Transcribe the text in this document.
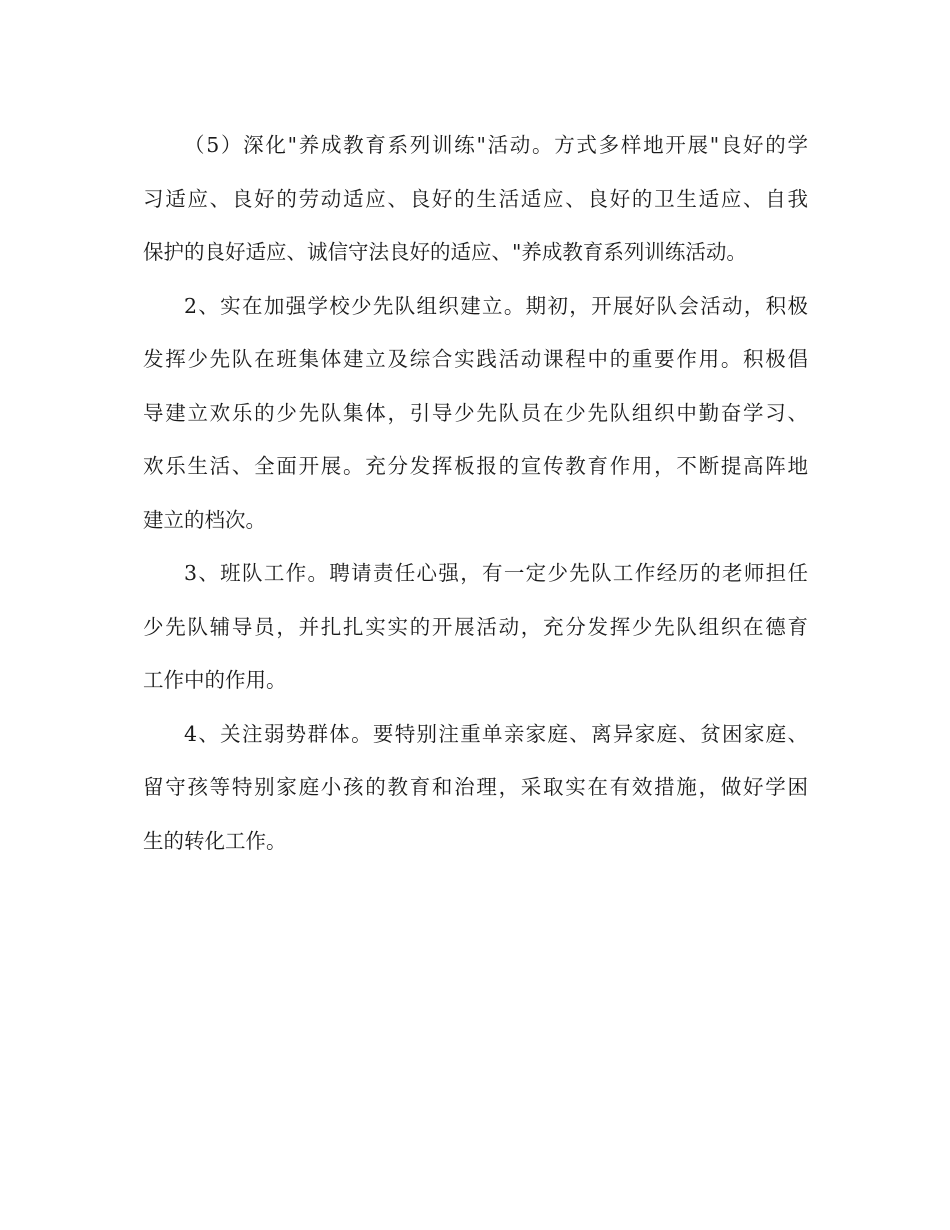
（5）深化"养成教育系列训练"活动。方式多样地开展"良好的学
习适应、良好的劳动适应、良好的生活适应、良好的卫生适应、自我
保护的良好适应、诚信守法良好的适应、"养成教育系列训练活动。
2、实在加强学校少先队组织建立。期初，开展好队会活动，积极
发挥少先队在班集体建立及综合实践活动课程中的重要作用。积极倡
导建立欢乐的少先队集体，引导少先队员在少先队组织中勤奋学习、
欢乐生活、全面开展。充分发挥板报的宣传教育作用，不断提高阵地
建立的档次。
3、班队工作。聘请责任心强，有一定少先队工作经历的老师担任
少先队辅导员，并扎扎实实的开展活动，充分发挥少先队组织在德育
工作中的作用。
4、关注弱势群体。要特别注重单亲家庭、离异家庭、贫困家庭、
留守孩等特别家庭小孩的教育和治理，采取实在有效措施，做好学困
生的转化工作。
